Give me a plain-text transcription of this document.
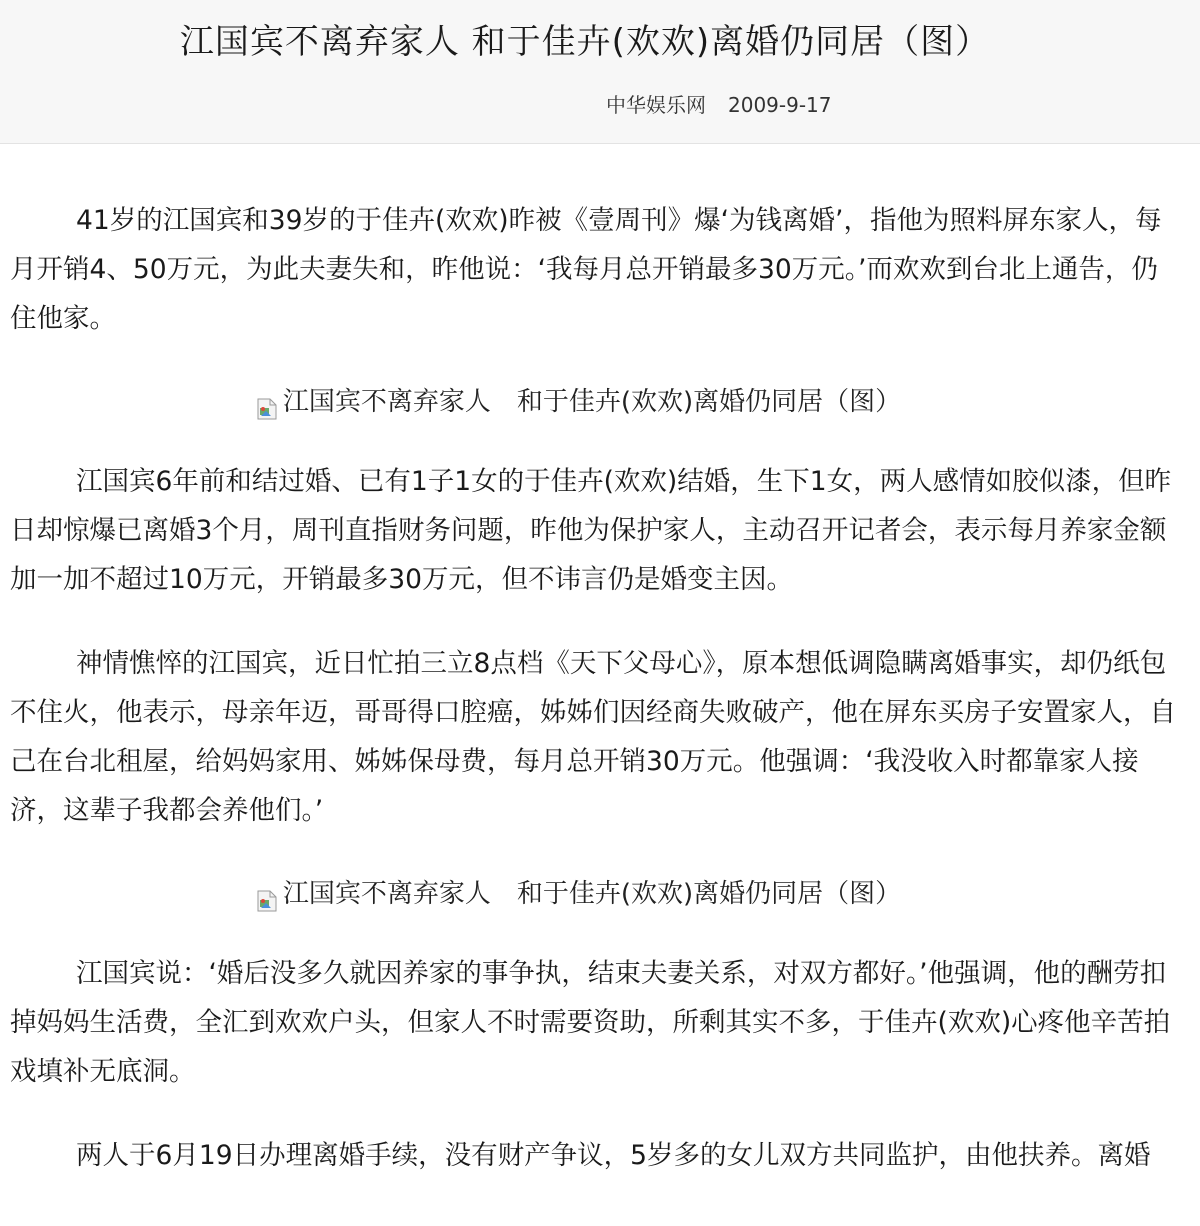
江国宾不离弃家人 和于佳卉(欢欢)离婚仍同居（图）
中华娱乐网 2009-9-17

41岁的江国宾和39岁的于佳卉(欢欢)昨被《壹周刊》爆‘为钱离婚’，指他为照料屏东家人，每月开销4、50万元，为此夫妻失和，昨他说：‘我每月总开销最多30万元。’而欢欢到台北上通告，仍住他家。

江国宾不离弃家人　和于佳卉(欢欢)离婚仍同居（图）

江国宾6年前和结过婚、已有1子1女的于佳卉(欢欢)结婚，生下1女，两人感情如胶似漆，但昨日却惊爆已离婚3个月，周刊直指财务问题，昨他为保护家人，主动召开记者会，表示每月养家金额加一加不超过10万元，开销最多30万元，但不讳言仍是婚变主因。

神情憔悴的江国宾，近日忙拍三立8点档《天下父母心》，原本想低调隐瞒离婚事实，却仍纸包不住火，他表示，母亲年迈，哥哥得口腔癌，姊姊们因经商失败破产，他在屏东买房子安置家人，自己在台北租屋，给妈妈家用、姊姊保母费，每月总开销30万元。他强调：‘我没收入时都靠家人接济，这辈子我都会养他们。’

江国宾不离弃家人　和于佳卉(欢欢)离婚仍同居（图）

江国宾说：‘婚后没多久就因养家的事争执，结束夫妻关系，对双方都好。’他强调，他的酬劳扣掉妈妈生活费，全汇到欢欢户头，但家人不时需要资助，所剩其实不多，于佳卉(欢欢)心疼他辛苦拍戏填补无底洞。

两人于6月19日办理离婚手续，没有财产争议，5岁多的女儿双方共同监护，由他扶养。离婚
